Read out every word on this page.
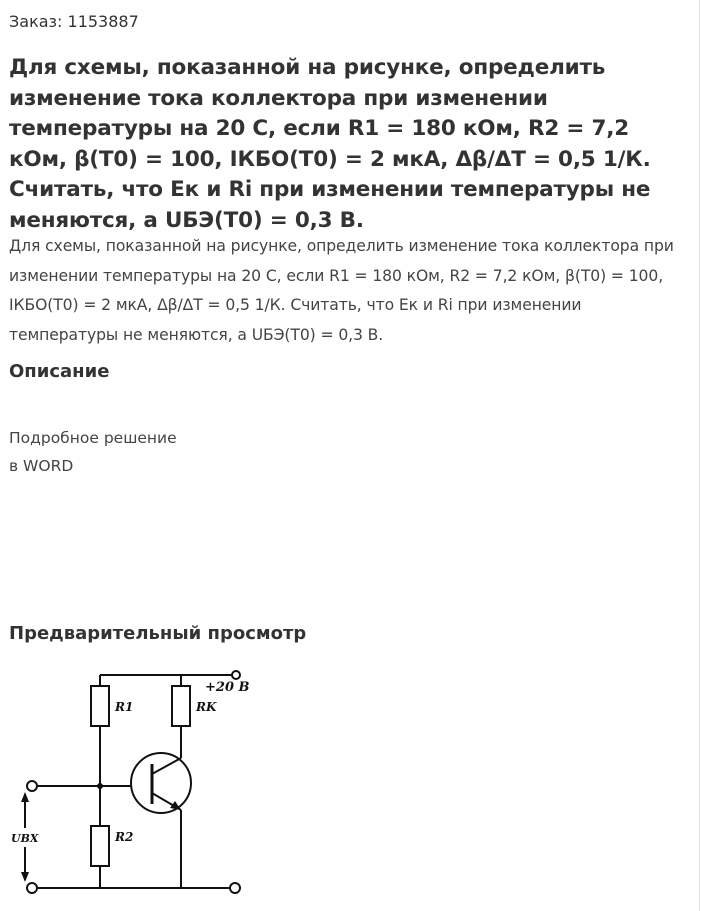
Заказ: 1153887
Для схемы, показанной на рисунке, определить изменение тока коллектора при изменении температуры на 20 С, если R1 = 180 кОм, R2 = 7,2 кОм, β(T0) = 100, IКБО(Т0) = 2 мкА, Δβ/ΔТ = 0,5 1/К. Считать, что Ек и Ri при изменении температуры не меняются, а UБЭ(Т0) = 0,3 В.

Для схемы, показанной на рисунке, определить изменение тока коллектора при изменении температуры на 20 С, если R1 = 180 кОм, R2 = 7,2 кОм, β(T0) = 100, IКБО(Т0) = 2 мкА, Δβ/ΔТ = 0,5 1/К. Считать, что Ек и Ri при изменении температуры не меняются, а UБЭ(Т0) = 0,3 В.

Описание
Подробное решение
в WORD
Предварительный просмотр
+20 В
R1	RK
R2
UВХ
